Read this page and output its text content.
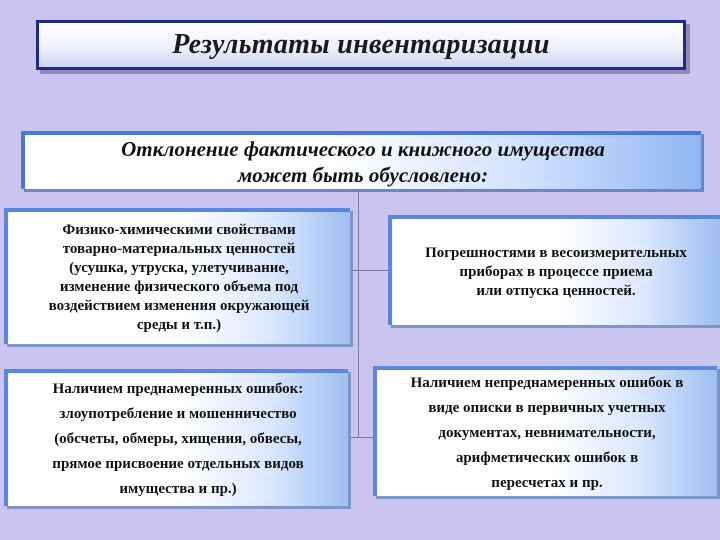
Результаты инвентаризации
Отклонение фактического и книжного имущества
может быть обусловлено:
Физико-химическими свойствами
товарно-материальных ценностей
(усушка, утруска, улетучивание,
изменение физического объема под
воздействием изменения окружающей
среды и т.п.)
Погрешностями в весоизмерительных
приборах в процессе приема
или отпуска ценностей.
Наличием преднамеренных ошибок:
злоупотребление и мошенничество
(обсчеты, обмеры, хищения, обвесы,
прямое присвоение отдельных видов
имущества и пр.)
Наличием непреднамеренных ошибок в
виде описки в первичных учетных
документах, невнимательности,
арифметических ошибок в
пересчетах и пр.
